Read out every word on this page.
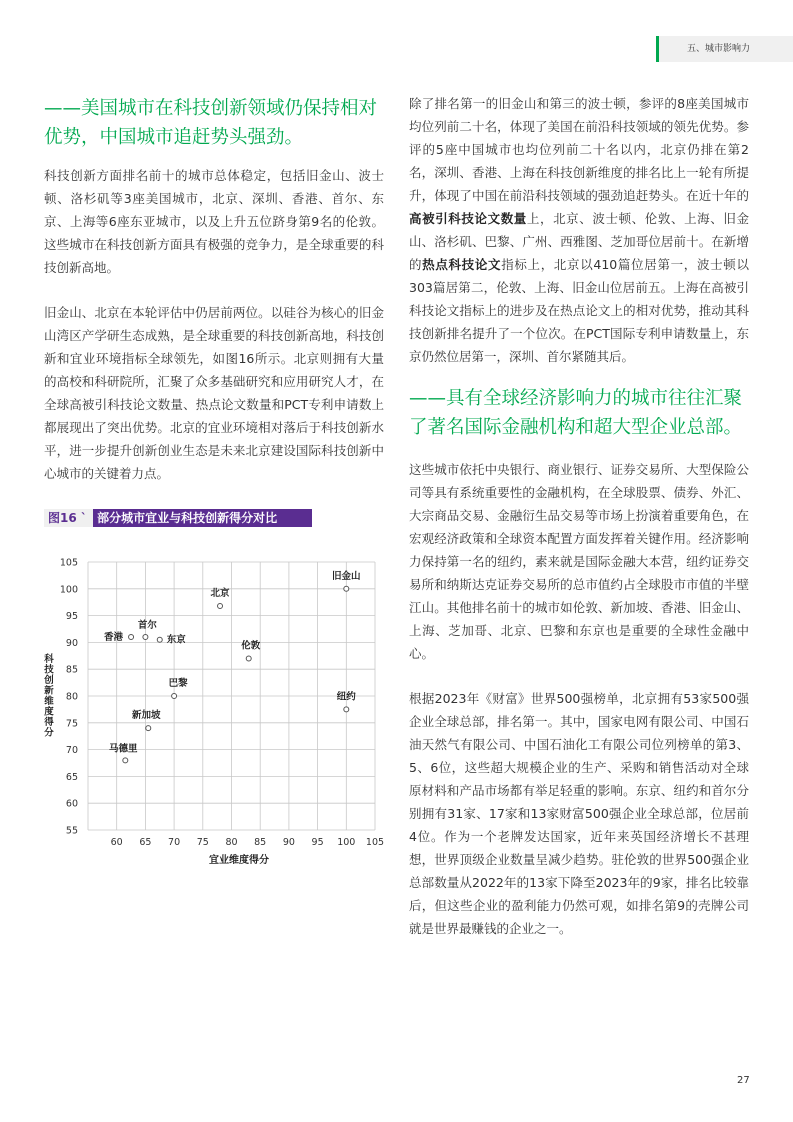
五、城市影响力
——美国城市在科技创新领域仍保持相对优势，中国城市追赶势头强劲。

科技创新方面排名前十的城市总体稳定，包括旧金山、波士顿、洛杉矶等3座美国城市，北京、深圳、香港、首尔、东京、上海等6座东亚城市，以及上升五位跻身第9名的伦敦。这些城市在科技创新方面具有极强的竞争力，是全球重要的科技创新高地。

旧金山、北京在本轮评估中仍居前两位。以硅谷为核心的旧金山湾区产学研生态成熟，是全球重要的科技创新高地，科技创新和宜业环境指标全球领先，如图16所示。北京则拥有大量的高校和科研院所，汇聚了众多基础研究和应用研究人才，在全球高被引科技论文数量、热点论文数量和PCT专利申请数上都展现出了突出优势。北京的宜业环境相对落后于科技创新水平，进一步提升创新创业生态是未来北京建设国际科技创新中心城市的关键着力点。

图16 ` 部分城市宜业与科技创新得分对比
60 65 70 75 80 85 90 95 100 105
55
60
65
70
75
80
85
90
95
100
105
旧金山
北京
首尔
香港	东京
伦敦
巴黎
纽约
新加坡
马德里
宜业维度得分
科
技
创
新
维
度
得
分

除了排名第一的旧金山和第三的波士顿，参评的8座美国城市均位列前二十名，体现了美国在前沿科技领域的领先优势。参评的5座中国城市也均位列前二十名以内，北京仍排在第2名，深圳、香港、上海在科技创新维度的排名比上一轮有所提升，体现了中国在前沿科技领域的强劲追赶势头。在近十年的高被引科技论文数量上，北京、波士顿、伦敦、上海、旧金山、洛杉矶、巴黎、广州、西雅图、芝加哥位居前十。在新增的热点科技论文指标上，北京以410篇位居第一，波士顿以303篇居第二，伦敦、上海、旧金山位居前五。上海在高被引科技论文指标上的进步及在热点论文上的相对优势，推动其科技创新排名提升了一个位次。在PCT国际专利申请数量上，东京仍然位居第一，深圳、首尔紧随其后。

——具有全球经济影响力的城市往往汇聚了著名国际金融机构和超大型企业总部。

这些城市依托中央银行、商业银行、证券交易所、大型保险公司等具有系统重要性的金融机构，在全球股票、债券、外汇、大宗商品交易、金融衍生品交易等市场上扮演着重要角色，在宏观经济政策和全球资本配置方面发挥着关键作用。经济影响力保持第一名的纽约，素来就是国际金融大本营，纽约证券交易所和纳斯达克证券交易所的总市值约占全球股市市值的半壁江山。其他排名前十的城市如伦敦、新加坡、香港、旧金山、上海、芝加哥、北京、巴黎和东京也是重要的全球性金融中心。

根据2023年《财富》世界500强榜单，北京拥有53家500强企业全球总部，排名第一。其中，国家电网有限公司、中国石油天然气有限公司、中国石油化工有限公司位列榜单的第3、5、6位，这些超大规模企业的生产、采购和销售活动对全球原材料和产品市场都有举足轻重的影响。东京、纽约和首尔分别拥有31家、17家和13家财富500强企业全球总部，位居前4位。作为一个老牌发达国家，近年来英国经济增长不甚理想，世界顶级企业数量呈减少趋势。驻伦敦的世界500强企业总部数量从2022年的13家下降至2023年的9家，排名比较靠后，但这些企业的盈利能力仍然可观，如排名第9的壳牌公司就是世界最赚钱的企业之一。

27
